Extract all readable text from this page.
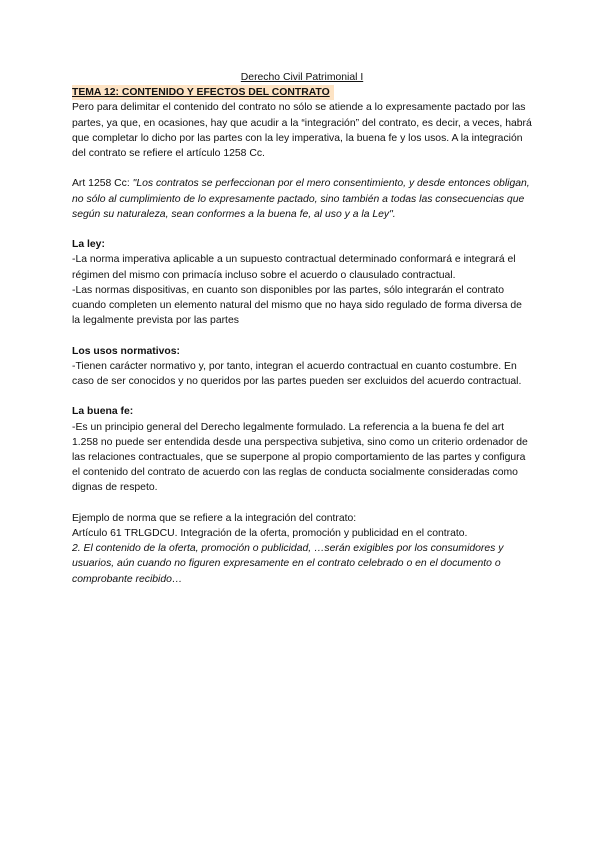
Derecho Civil Patrimonial I

TEMA 12: CONTENIDO Y EFECTOS DEL CONTRATO

Pero para delimitar el contenido del contrato no sólo se atiende a lo expresamente pactado por las partes, ya que, en ocasiones, hay que acudir a la “integración” del contrato, es decir, a veces, habrá que completar lo dicho por las partes con la ley imperativa, la buena fe y los usos. A la integración del contrato se refiere el artículo 1258 Cc.

Art 1258 Cc: "Los contratos se perfeccionan por el mero consentimiento, y desde entonces obligan, no sólo al cumplimiento de lo expresamente pactado, sino también a todas las consecuencias que según su naturaleza, sean conformes a la buena fe, al uso y a la Ley".

La ley:

-La norma imperativa aplicable a un supuesto contractual determinado conformará e integrará el régimen del mismo con primacía incluso sobre el acuerdo o clausulado contractual.

-Las normas dispositivas, en cuanto son disponibles por las partes, sólo integrarán el contrato cuando completen un elemento natural del mismo que no haya sido regulado de forma diversa de la legalmente prevista por las partes

Los usos normativos:

-Tienen carácter normativo y, por tanto, integran el acuerdo contractual en cuanto costumbre. En caso de ser conocidos y no queridos por las partes pueden ser excluidos del acuerdo contractual.

La buena fe:

-Es un principio general del Derecho legalmente formulado. La referencia a la buena fe del art 1.258 no puede ser entendida desde una perspectiva subjetiva, sino como un criterio ordenador de las relaciones contractuales, que se superpone al propio comportamiento de las partes y configura el contenido del contrato de acuerdo con las reglas de conducta socialmente consideradas como dignas de respeto.

Ejemplo de norma que se refiere a la integración del contrato:

Artículo 61 TRLGDCU. Integración de la oferta, promoción y publicidad en el contrato.

2. El contenido de la oferta, promoción o publicidad, …serán exigibles por los consumidores y usuarios, aún cuando no figuren expresamente en el contrato celebrado o en el documento o comprobante recibido…
